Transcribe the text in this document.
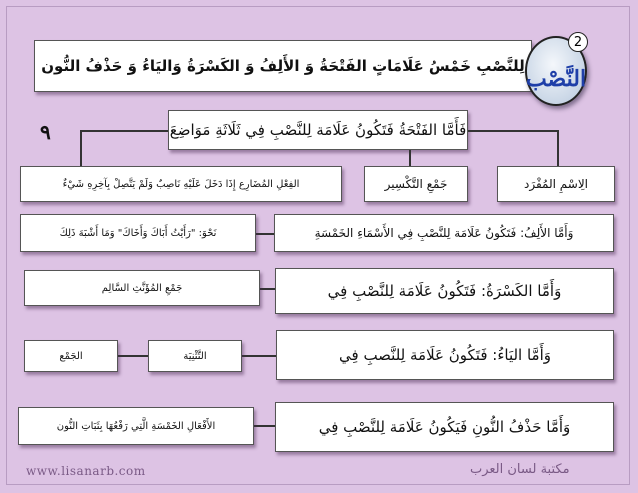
لِلنَّصْبِ خَمْسُ عَلَامَاتٍ الفَتْحَةُ وَ الأَلِفُ وَ الكَسْرَةُ وَاليَاءُ وَ حَذْفُ النُّون النَّصْب
2
٩	فَأَمَّا الفَتْحَةُ فَتَكُونُ عَلَامَة لِلنَّصْبِ فِي ثَلَاثَةِ مَوَاضِعَ
الِاسْمِ المُفْرَد
جَمْعِ التَّكْسِير
الفِعْلِ المُضَارِع إِذَا دَخَلَ عَلَيْهِ نَاصِبٌ وَلَمْ يَتَّصِلْ بِآخِرِهِ شَيْءٌ
وَأَمَّا الأَلِفُ: فَتَكُونُ عَلَامَة لِلنَّصْبِ فِي الأَسْمَاءِ الخَمْسَةِ
نَحْوَ: "رَأَيْتُ أَبَاكَ وَأَخَاكَ" وَمَا أَشْبَهَ ذَلِكَ
وَأَمَّا الكَسْرَةُ: فَتَكُونُ عَلَامَة لِلنَّصْبِ فِي
جَمْعِ المُؤَنَّثِ السَّالِم
وَأَمَّا اليَاءُ: فَتَكُونُ عَلَامَة لِلنَّصبِ فِي
التَّثْنِيَة
الجَمْع
وَأَمَّا حَذْفُ النُّونِ فَيَكُونُ عَلَامَة لِلنَّصْبِ فِي
الأَفْعَالِ الخَمْسَةِ الَّتِي رَفْعُهَا بِثَبَاتِ النُّون
www.lisanarb.com	مكتبة لسان العرب
